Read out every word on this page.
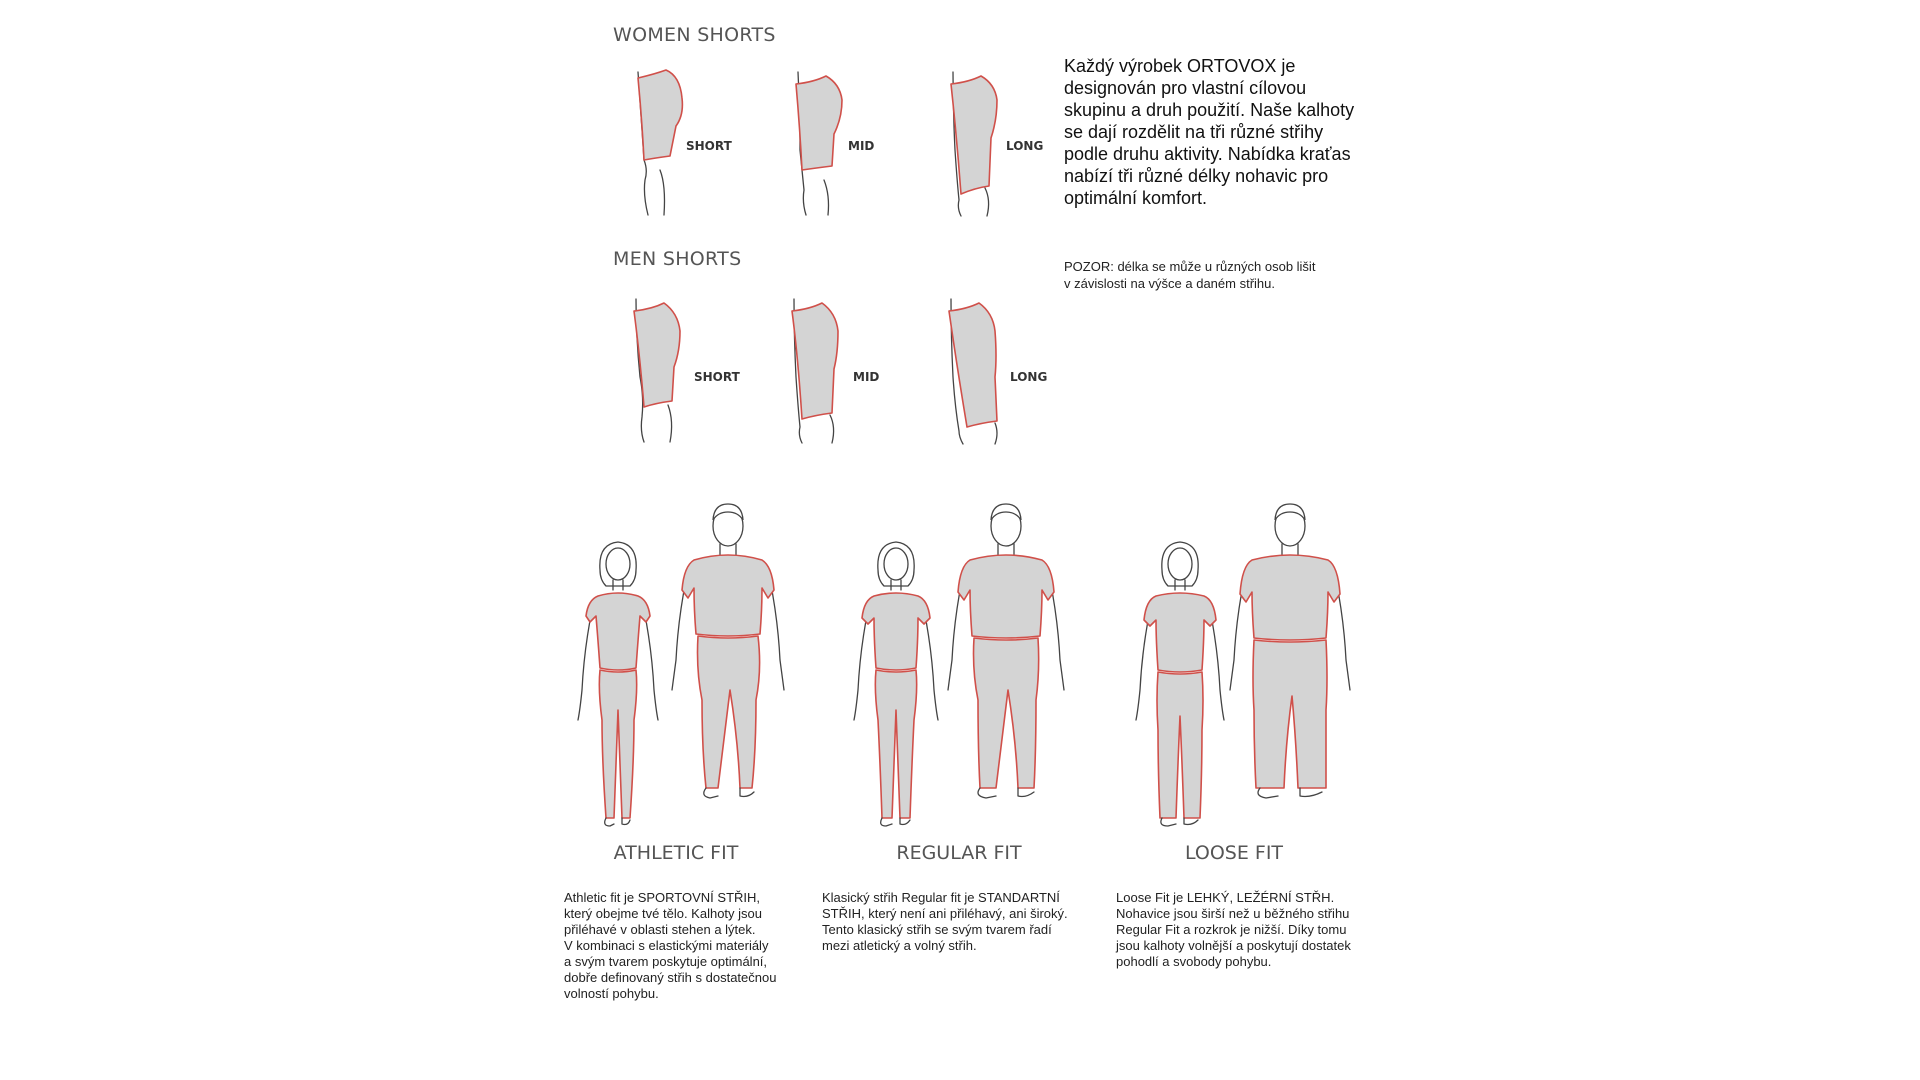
WOMEN SHORTS
SHORT	MID	LONG
MEN SHORTS
SHORT	MID	LONG
Každý výrobek ORTOVOX je designován pro vlastní cílovou skupinu a druh použití. Naše kalhoty se dají rozdělit na tři různé střihy podle druhu aktivity. Nabídka kraťas nabízí tři různé délky nohavic pro optimální komfort.
POZOR: délka se může u různých osob lišit
v závislosti na výšce a daném střihu.
ATHLETIC FIT
Athletic fit je SPORTOVNÍ STŘIH,
který obejme tvé tělo. Kalhoty jsou
přiléhavé v oblasti stehen a lýtek.
V kombinaci s elastickými materiály
a svým tvarem poskytuje optimální,
dobře definovaný střih s dostatečnou
volností pohybu.
REGULAR FIT
Klasický střih Regular fit je STANDARTNÍ
STŘIH, který není ani přiléhavý, ani široký.
Tento klasický střih se svým tvarem řadí
mezi atletický a volný střih.
LOOSE FIT
Loose Fit je LEHKÝ, LEŽÉRNÍ STŘH.
Nohavice jsou širší než u běžného střihu
Regular Fit a rozkrok je nižší. Díky tomu
jsou kalhoty volnější a poskytují dostatek
pohodlí a svobody pohybu.
